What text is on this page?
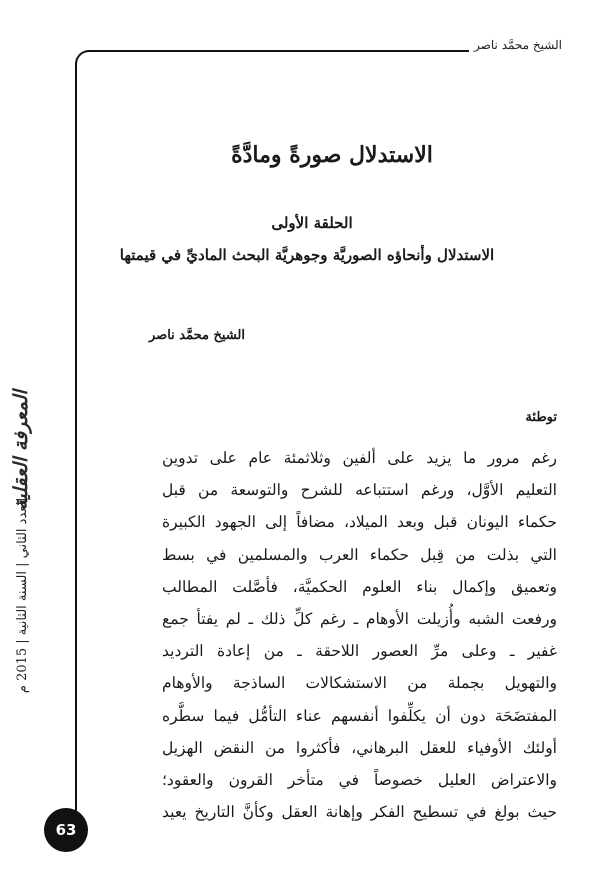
الشيخ محمَّد ناصر
الاستدلال صورةً ومادَّةً
الحلقة الأولى
الاستدلال وأنحاؤه الصوريَّة وجوهريَّة البحث الماديِّ في قيمتها
الشيخ محمَّد ناصر
توطئة
رغم مرور ما يزيد على ألفين وثلاثمئة عام على تدوين
التعليم الأوَّل، ورغم استتباعه للشرح والتوسعة من قبل
حكماء اليونان قبل وبعد الميلاد، مضافاً إلى الجهود الكبيرة
التي بذلت من قِبل حكماء العرب والمسلمين في بسط
وتعميق وإكمال بناء العلوم الحكميَّة، فأصَّلت المطالب
ورفعت الشبه وأُزيلت الأوهام ـ رغم كلِّ ذلك ـ لم يفتأ جمع
غفير ـ وعلى مرِّ العصور اللاحقة ـ من إعادة الترديد
والتهويل بجملة من الاستشكالات الساذجة والأوهام
المفتضَحَة دون أن يكلِّفوا أنفسهم عناء التأمُّل فيما سطَّره
أولئك الأوفياء للعقل البرهاني، فأكثروا من النقض الهزيل
والاعتراض العليل خصوصاً في متأخر القرون والعقود؛
حيث بولغ في تسطيح الفكر وإهانة العقل وكأنَّ التاريخ يعيد
المعرفة العقلية
العدد الثاني | السنة الثانية | 2015 م
63
